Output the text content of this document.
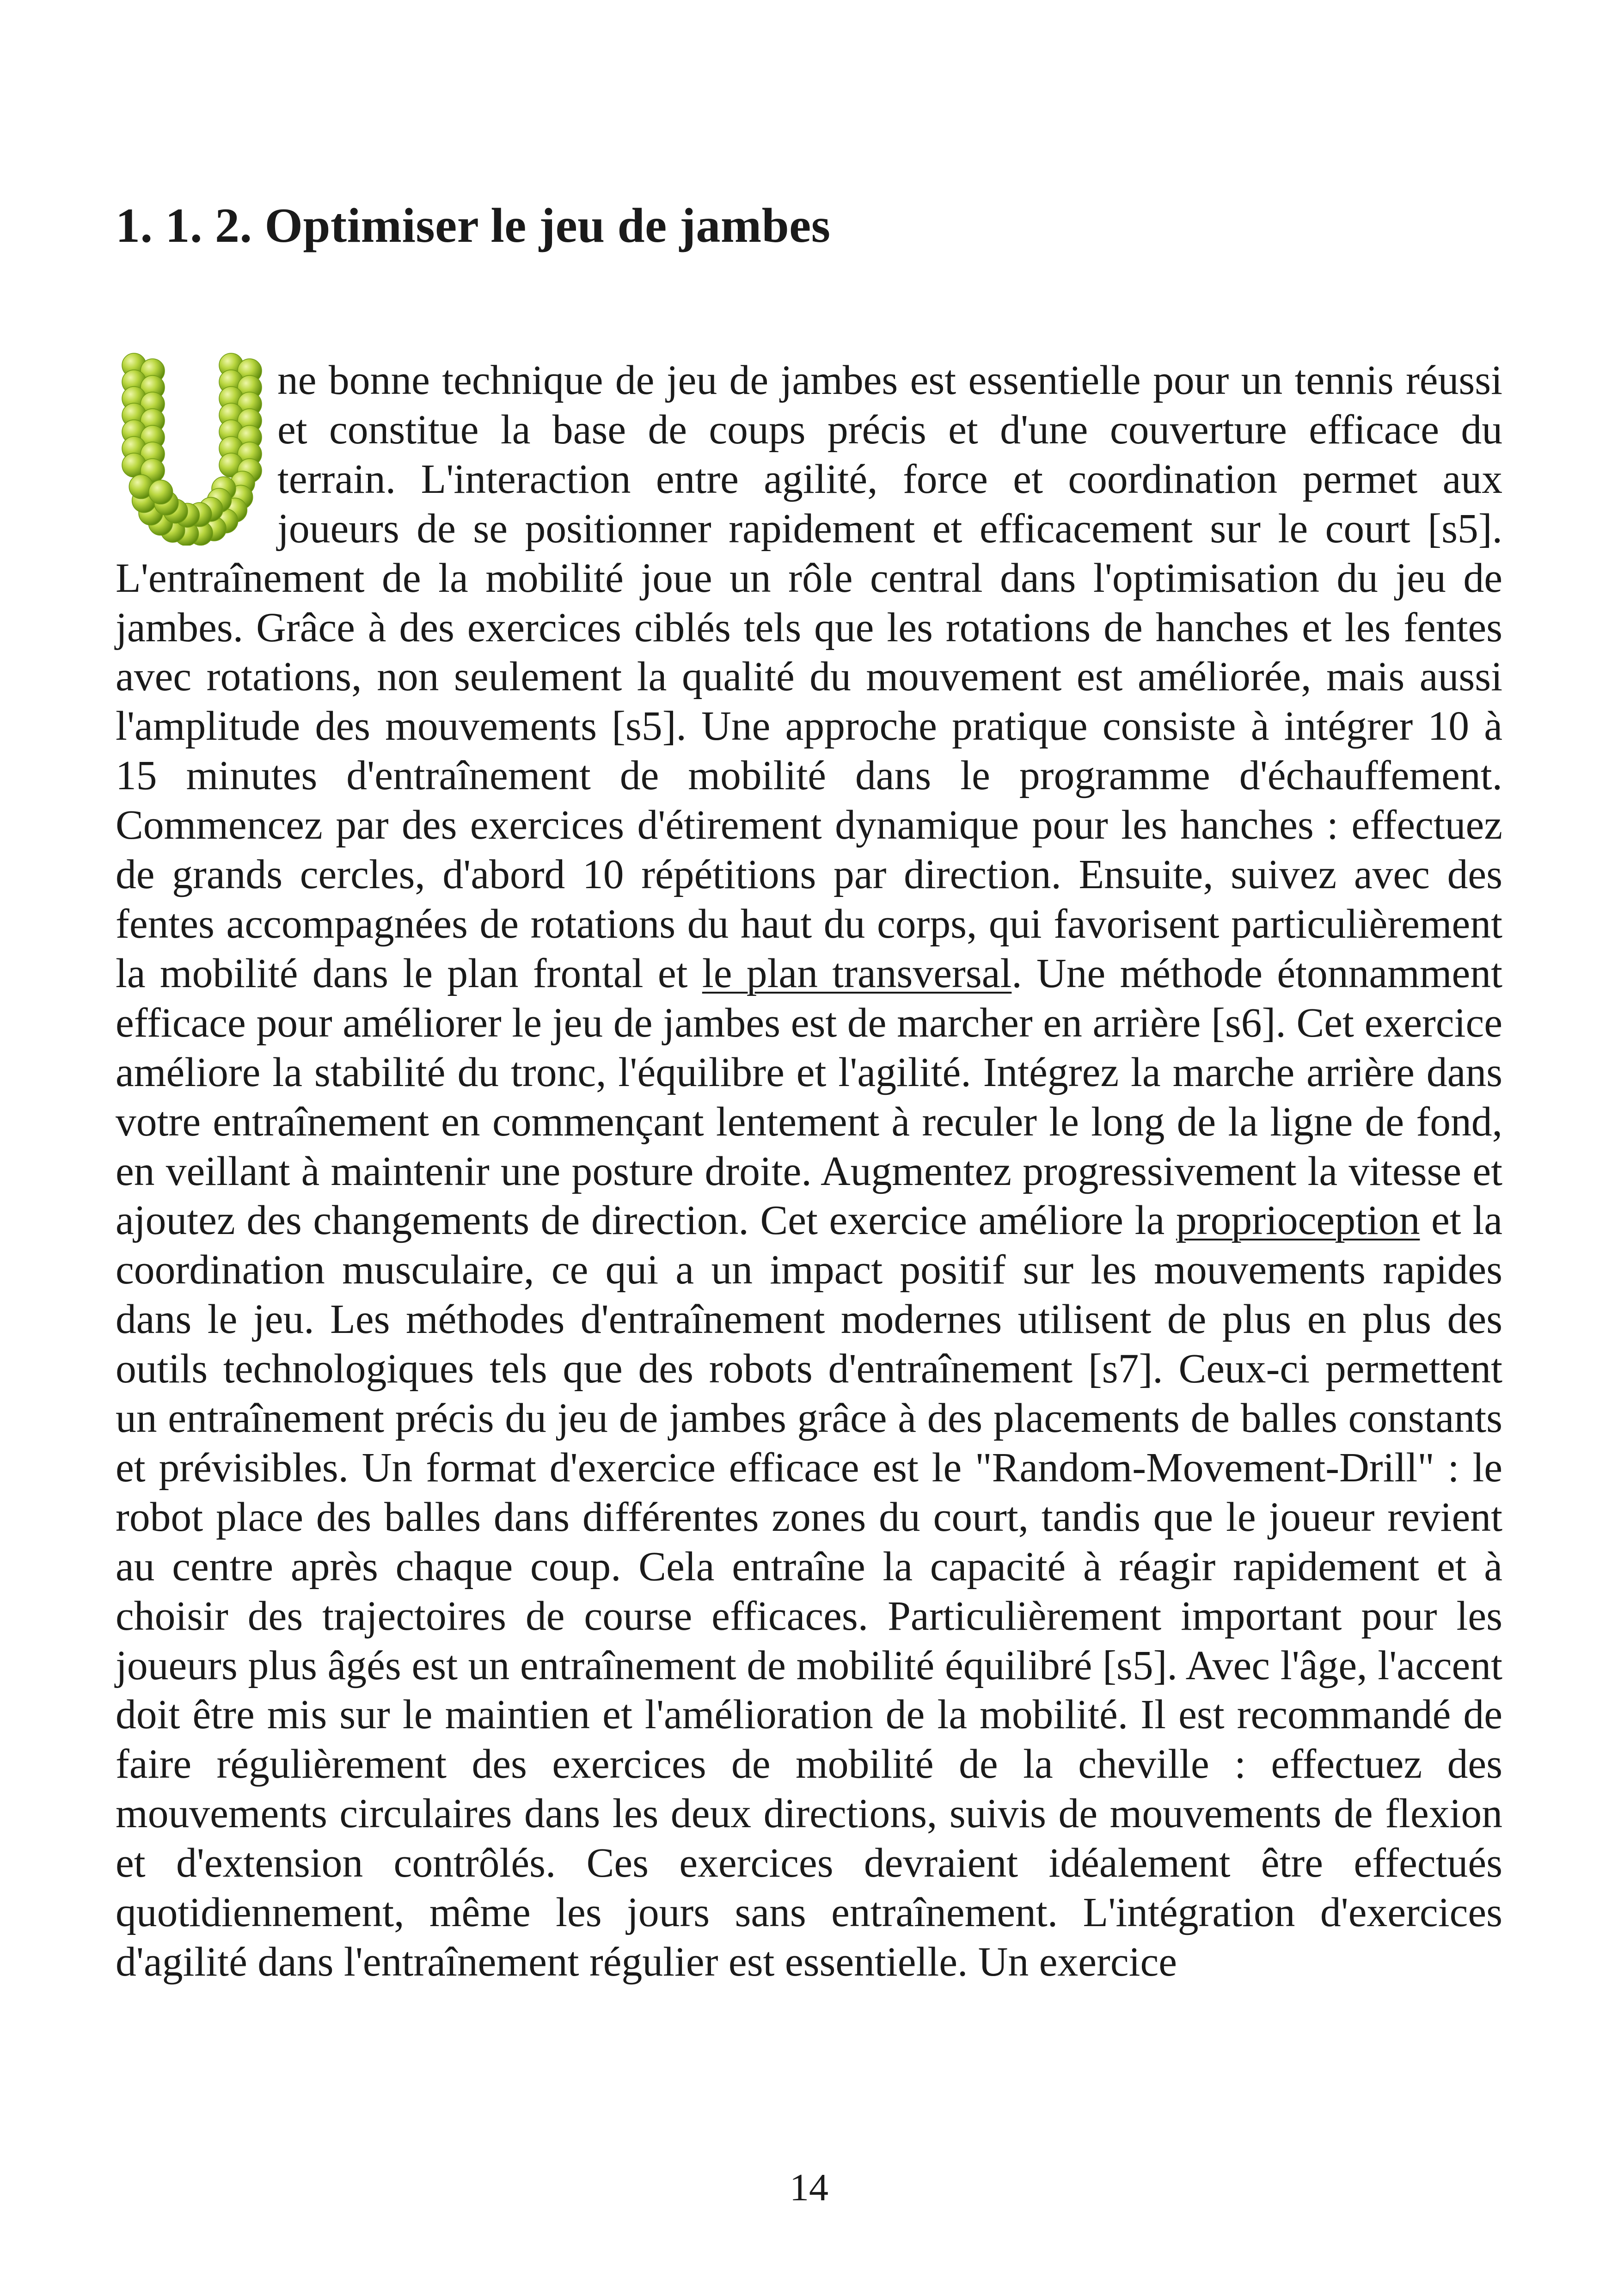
1. 1. 2. Optimiser le jeu de jambes

ne bonne technique de jeu de jambes est essentielle pour un tennis réussi et constitue la base de coups précis et d'une couverture efficace du terrain. L'interaction entre agilité, force et coordination permet aux joueurs de se positionner rapidement et efficacement sur le court [s5]. L'entraînement de la mobilité joue un rôle central dans l'optimisation du jeu de jambes. Grâce à des exercices ciblés tels que les rotations de hanches et les fentes avec rotations, non seulement la qualité du mouvement est améliorée, mais aussi l'amplitude des mouvements [s5]. Une approche pratique consiste à intégrer 10 à 15 minutes d'entraînement de mobilité dans le programme d'échauffement. Commencez par des exercices d'étirement dynamique pour les hanches : effectuez de grands cercles, d'abord 10 répétitions par direction. Ensuite, suivez avec des fentes accompagnées de rotations du haut du corps, qui favorisent particulièrement la mobilité dans le plan frontal et le plan transversal. Une méthode étonnamment efficace pour améliorer le jeu de jambes est de marcher en arrière [s6]. Cet exercice améliore la stabilité du tronc, l'équilibre et l'agilité. Intégrez la marche arrière dans votre entraînement en commençant lentement à reculer le long de la ligne de fond, en veillant à maintenir une posture droite. Augmentez progressivement la vitesse et ajoutez des changements de direction. Cet exercice améliore la proprioception et la coordination musculaire, ce qui a un impact positif sur les mouvements rapides dans le jeu. Les méthodes d'entraînement modernes utilisent de plus en plus des outils technologiques tels que des robots d'entraînement [s7]. Ceux-ci permettent un entraînement précis du jeu de jambes grâce à des placements de balles constants et prévisibles. Un format d'exercice efficace est le "Random-Movement-Drill" : le robot place des balles dans différentes zones du court, tandis que le joueur revient au centre après chaque coup. Cela entraîne la capacité à réagir rapidement et à choisir des trajectoires de course efficaces. Particulièrement important pour les joueurs plus âgés est un entraînement de mobilité équilibré [s5]. Avec l'âge, l'accent doit être mis sur le maintien et l'amélioration de la mobilité. Il est recommandé de faire régulièrement des exercices de mobilité de la cheville : effectuez des mouvements circulaires dans les deux directions, suivis de mouvements de flexion et d'extension contrôlés. Ces exercices devraient idéalement être effectués quotidiennement, même les jours sans entraînement. L'intégration d'exercices d'agilité dans l'entraînement régulier est essentielle. Un exercice

14
